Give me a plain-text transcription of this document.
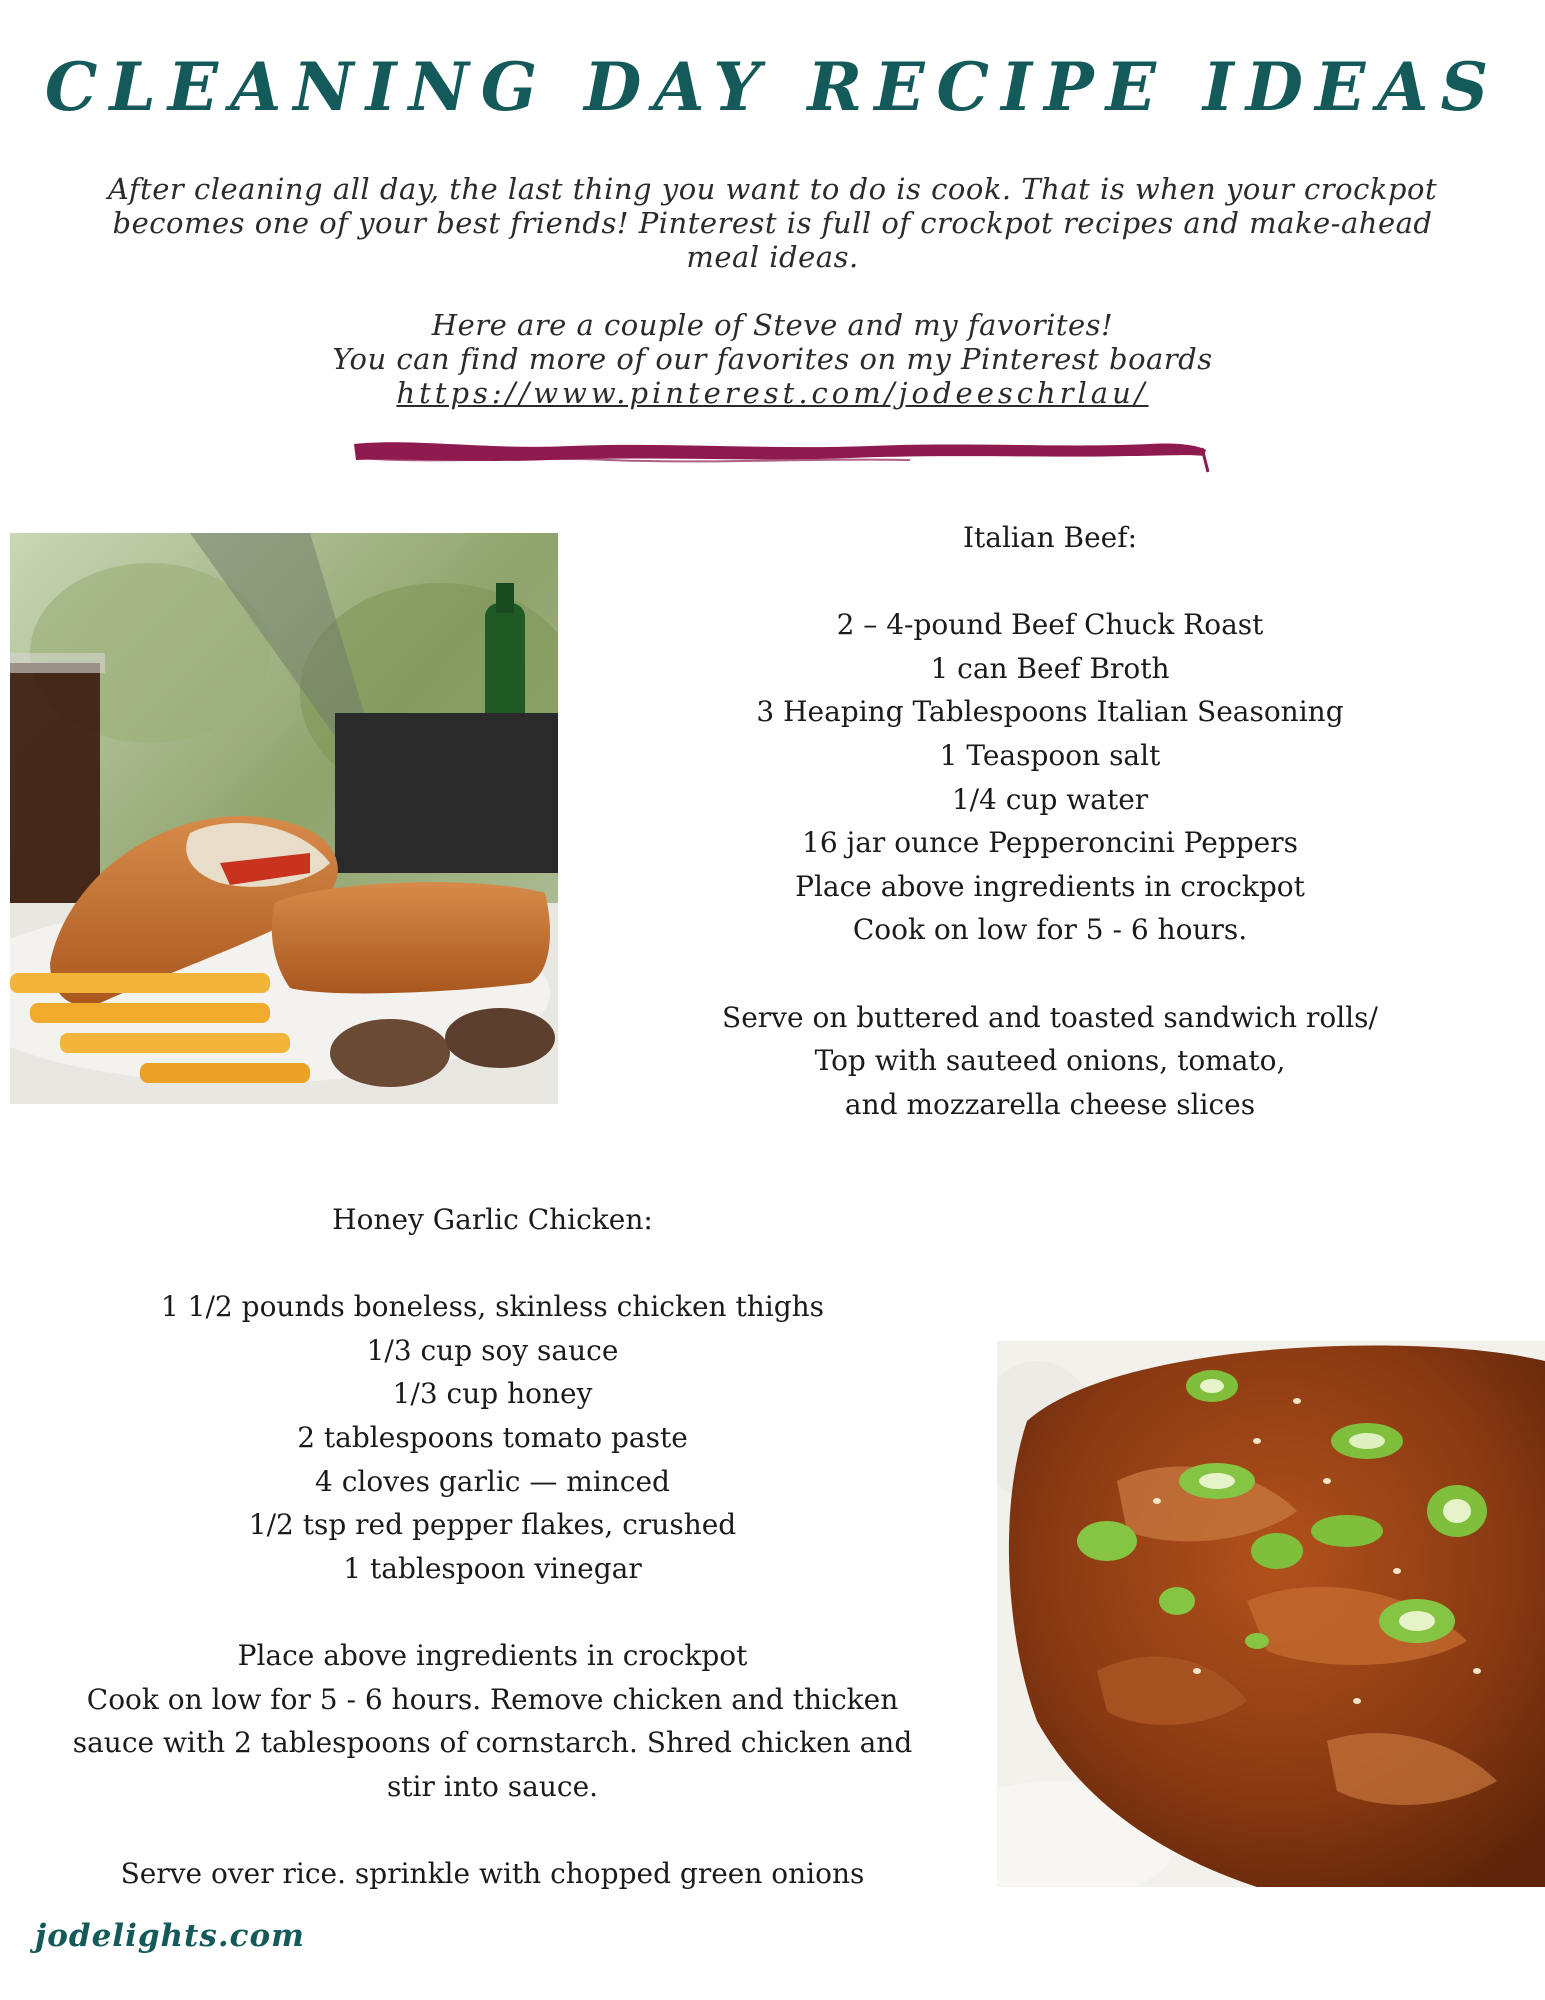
CLEANING DAY RECIPE IDEAS

After cleaning all day, the last thing you want to do is cook. That is when your crockpot becomes one of your best friends! Pinterest is full of crockpot recipes and make-ahead meal ideas.

Here are a couple of Steve and my favorites!

You can find more of our favorites on my Pinterest boards

https://www.pinterest.com/jodeeschrlau/

Italian Beef:

2 – 4-pound Beef Chuck Roast

1 can Beef Broth

3 Heaping Tablespoons Italian Seasoning

1 Teaspoon salt

1/4 cup water

16 jar ounce Pepperoncini Peppers

Place above ingredients in crockpot

Cook on low for 5 - 6 hours.

Serve on buttered and toasted sandwich rolls/

Top with sauteed onions, tomato,

and mozzarella cheese slices

Honey Garlic Chicken:

1 1/2 pounds boneless, skinless chicken thighs

1/3 cup soy sauce

1/3 cup honey

2 tablespoons tomato paste

4 cloves garlic — minced

1/2 tsp red pepper flakes, crushed

1 tablespoon vinegar

Place above ingredients in crockpot

Cook on low for 5 - 6 hours. Remove chicken and thicken

sauce with 2 tablespoons of cornstarch. Shred chicken and

stir into sauce.

Serve over rice. sprinkle with chopped green onions

jodelights.com
